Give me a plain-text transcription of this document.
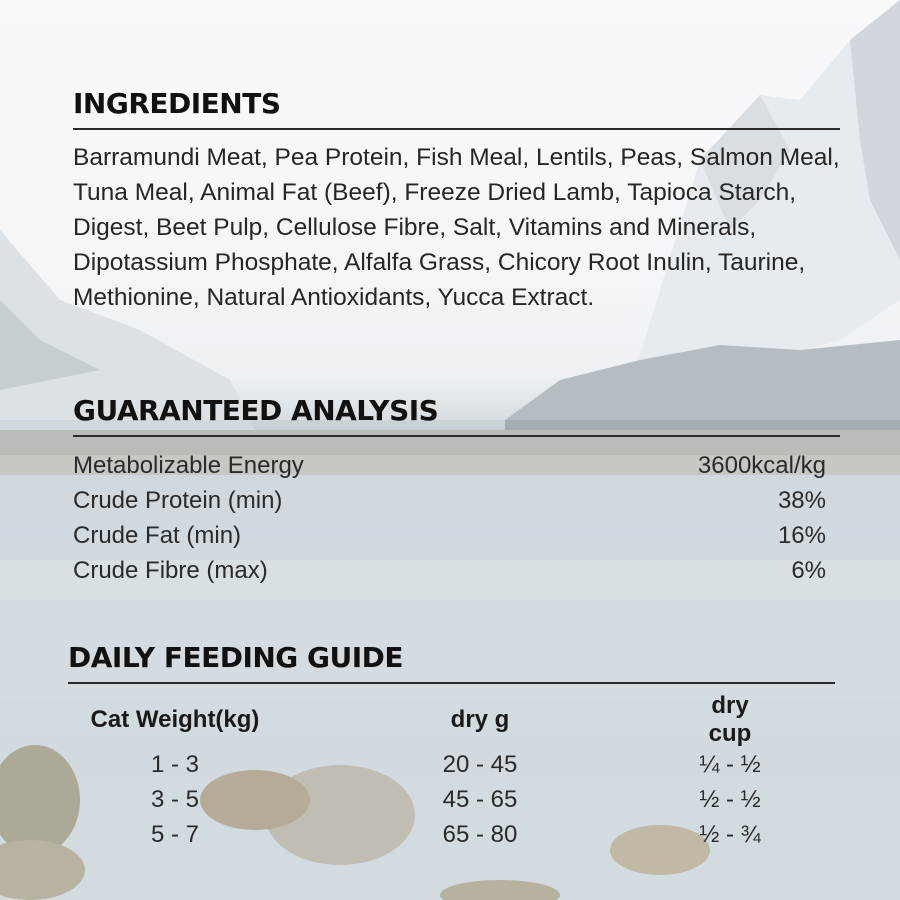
INGREDIENTS
Barramundi Meat, Pea Protein, Fish Meal, Lentils, Peas, Salmon Meal, Tuna Meal, Animal Fat (Beef), Freeze Dried Lamb, Tapioca Starch, Digest, Beet Pulp, Cellulose Fibre, Salt, Vitamins and Minerals, Dipotassium Phosphate, Alfalfa Grass, Chicory Root Inulin, Taurine, Methionine, Natural Antioxidants, Yucca Extract.
GUARANTEED ANALYSIS
Metabolizable Energy	3600kcal/kg
Crude Protein (min)	38%
Crude Fat (min)	16%
Crude Fibre (max)	6%
DAILY FEEDING GUIDE
Cat Weight(kg)	dry g	dry cup
1 - 3	20 - 45	¼ - ½
3 - 5	45 - 65	½ - ½
5 - 7	65 - 80	½ - ¾
